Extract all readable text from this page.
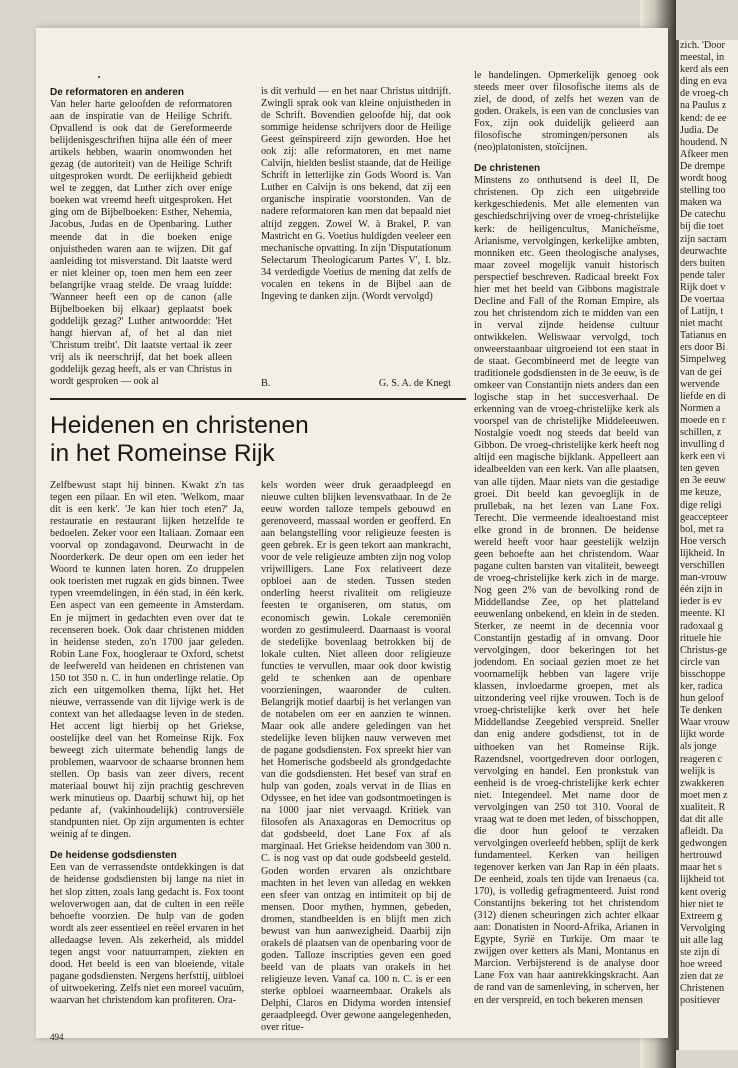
zich. 'Door
meestal, in
kerd als een
ding en eva
de vroeg-ch
na Paulus z
kend: de ee
Judia. De
houdend. N
Afkeer men
De drempe
wordt hoog
stelling too
maken wa
De catechu
bij die toet
zijn sacram
deurwachte
ders buiten
pende taler
Rijk doet v
De voertaa
of Latijn, t
niet macht
Tatianus en
ers door Bi
Simpelweg
van de gei
wervende
liefde en di
Normen a
moede en r
schillen, z
invulling d
kerk een vi
ten geven
en 3e eeuw
me keuze,
dige religi
geaccepteer
bol, met ra
Hoe versch
lijkheid. In
verschillen
man-vrouw
één zijn in
ieder is ev
meente. Kl
radoxaal g
rituele hie
Christus-ge
circle van
bisschoppe
ker, radica
hun geloof
Te denken
Waar vrouw
lijkt worde
als jonge
reageren c
welijk is
zwakkeren
moet men z
xualiteit. R
dat dit alle
afleidt. Da
gedwongen
hertrouwd
maar het s
lijkheid tot
kent overig
hier niet te
Extreem g
Vervolging
uit alle lag
ste zijn di
hoe wreed
zien dat ze
Christenen
positiever

De reformatoren en anderen

Van heler harte geloofden de reformatoren aan de inspiratie van de Heilige Schrift. Opvallend is ook dat de Gereformeerde belijdenisgeschriften hijna alle één of meer artikels hebben, waarin onomwonden het gezag (de autoriteit) van de Heilige Schrift uitgesproken wordt. De eerlijkheid gebiedt wel te zeggen, dat Luther zich over enige boeken wat vreemd heeft uitgesproken. Het ging om de Bijbelboeken: Esther, Nehemia, Jacobus, Judas en de Openbaring. Luther meende dat in die boeken enige onjuistheden waren aan te wijzen. Dit gaf aanleiding tot misverstand. Dit laatste werd er niet kleiner op, toen men hem een zeer belangrijke vraag stelde. De vraag luidde: 'Wanneer heeft een op de canon (alle Bijbelboeken bij elkaar) geplaatst boek goddelijk gezag?' Luther antwoordde: 'Het hangt hiervan af, of het al dan niet 'Christum treibt'. Dit laatste vertaal ik zeer vrij als ik neerschrijf, dat het boek alleen goddelijk gezag heeft, als er van Christus in wordt gesproken — ook al

is dit verhuld — en het naar Christus uitdrijft. Zwingli sprak ook van kleine onjuistheden in de Schrift. Bovendien geloofde hij, dat ook sommige heidense schrijvers door de Heilige Geest geïnspireerd zijn geworden. Hoe het ook zij: alle reformatoren, en met name Calvijn, hielden beslist staande, dat de Heilige Schrift in letterlijke zin Gods Woord is. Van Luther en Calvijn is ons bekend, dat zij een organische inspiratie voorstonden. Van de nadere reformatoren kan men dat bepaald niet altijd zeggen. Zowel W. à Brakel, P. van Mastricht en G. Voetius huldigden veeleer een mechanische opvatting. In zijn 'Disputationum Selectarum Theologicarum Partes V', I. blz. 34 verdedigde Voetius de mening dat zelfs de vocalen en tekens in de Bijbel aan de Ingeving te danken zijn. (Wordt vervolgd)

B.	G. S. A. de Knegt
Heidenen en christenen
in het Romeinse Rijk

le handelingen. Opmerkelijk genoeg ook steeds meer over filosofische items als de ziel, de dood, of zelfs het wezen van de goden. Orakels, is een van de conclusies van Fox, zijn ook duidelijk gelieerd aan filosofische stromingen/personen als (neo)platonisten, stoïcijnen.

De christenen

Minstens zo onthutsend is deel II, De christenen. Op zich een uitgebreide kerkgeschiedenis. Met alle elementen van geschiedschrijving over de vroeg-christelijke kerk: de heiligencultus, Manicheïsme, Arianisme, vervolgingen, kerkelijke ambten, monniken etc. Geen theologische analyses, maar zoveel mogelijk vanuit historisch perspectief beschreven. Radicaal breekt Fox hier met het beeld van Gibbons magistrale Decline and Fall of the Roman Empire, als zou het christendom zich te midden van een in verval zijnde heidense cultuur ontwikkelen. Weliswaar vervolgd, toch onweerstaanbaar uitgroeiend tot een staat in de staat. Gecombineerd met de leegte van traditionele godsdiensten in de 3e eeuw, is de omkeer van Constantijn niets anders dan een logische stap in het succesverhaal. De erkenning van de vroeg-christelijke kerk als voorspel van de christelijke Middeleeuwen. Nostalgie voedt nog steeds dat beeld van Gibbon. De vroeg-christelijke kerk heeft nog altijd een magische bijklank. Appelleert aan idealbeelden van een kerk. Van alle plaatsen, van alle tijden. Maar niets van die gestadige groei. Dit beeld kan gevoeglijk in de prullebak, na het lezen van Lane Fox. Terecht. Die vermeende idealtoestand mist elke grond in de bronnen. De heidense wereld heeft voor haar geestelijk welzijn geen behoefte aan het christendom. Waar pagane culten barsten van vitaliteit, beweegt de vroeg-christelijke kerk zich in de marge. Nog geen 2% van de bevolking rond de Middellandse Zee, op het platteland eeuwenlang onbekend, en klein in de steden. Sterker, ze neemt in de decennia voor Constantijn gestadig af in omvang. Door vervolgingen, door bekeringen tot het jodendom. En sociaal gezien moet ze het voornamelijk hebben van lagere vrije klassen, invloedarme groepen, met als uitzondering veel rijke vrouwen. Toch is de vroeg-christelijke kerk over het hele Middellandse Zeegebied verspreid. Sneller dan enig andere godsdienst, tot in de uithoeken van het Romeinse Rijk. Razendsnel, voortgedreven door oorlogen, vervolging en handel. Een pronkstuk van eenheid is de vroeg-christelijke kerk echter niet. Integendeel. Met name door de vervolgingen van 250 tot 310. Vooral de vraag wat te doen met leden, of bisschoppen, die door hun geloof te verzaken vervolgingen overleefd hebben, splijt de kerk fundamenteel. Kerken van heiligen tegenover kerken van Jan Rap in één plaats. De eenheid, zoals ten tijde van Irenaeus (ca. 170), is volledig gefragmenteerd. Juist rond Constantijns bekering tot het christendom (312) dienen scheuringen zich achter elkaar aan: Donatisten in Noord-Afrika, Arianen in Egypte, Syrië en Turkije. Om maar te zwijgen over ketters als Mani, Montanus en Marcion. Verbijsterend is de analyse door Lane Fox van haar aantrekkingskracht. Aan de rand van de samenleving, in scherven, her en der verspreid, en toch bekeren mensen

Zelfbewust stapt hij binnen. Kwakt z'n tas tegen een pilaar. En wil eten. 'Welkom, maar dit is een kerk'. 'Je kan hier toch eten?' Ja, restauratie en restaurant lijken hetzelfde te bedoelen. Zeker voor een Italiaan. Zomaar een voorval op zondagavond. Deurwacht in de Noorderkerk. De deur open om een ieder het Woord te kunnen laten horen. Zo druppelen ook toeristen met rugzak en gids binnen. Twee typen vreemdelingen, in één stad, in één kerk. Een aspect van een gemeente in Amsterdam. En je mijmert in gedachten even over dat te recenseren boek. Ook daar christenen midden in heidense steden, zo'n 1700 jaar geleden. Robin Lane Fox, hoogleraar te Oxford, schetst de leefwereld van heidenen en christenen van 150 tot 350 n. C. in hun onderlinge relatie. Op zich een uitgemolken thema, lijkt het. Het nieuwe, verrassende van dit lijvige werk is de context van het alledaagse leven in de steden. Het accent ligt hierbij op het Griekse, oostelijke deel van het Romeinse Rijk. Fox beweegt zich uitermate behendig langs de problemen, waarvoor de schaarse bronnen hem stellen. Op basis van zeer divers, recent materiaal bouwt hij zijn prachtig geschreven werk minutieus op. Daarbij schuwt hij, op het pedante af, (vakinhoudelijk) controversiële standpunten niet. Op zijn argumenten is echter weinig af te dingen.

De heidense godsdiensten

Een van de verrassendste ontdekkingen is dat de heidense godsdiensten bij lange na niet in het slop zitten, zoals lang gedacht is. Fox toont weloverwogen aan, dat de culten in een reële behoefte voorzien. De hulp van de goden wordt als zeer essentieel en reëel ervaren in het alledaagse leven. Als zekerheid, als middel tegen angst voor natuurrampen, ziekten en dood. Het beeld is een van bloeiende, vitale pagane godsdiensten. Nergens herfsttij, uitbloei of uitwoekering. Zelfs niet een moreel vacuüm, waarvan het christendom kan profiteren. Ora-

kels worden weer druk geraadpleegd en nieuwe culten blijken levensvatbaar. In de 2e eeuw worden talloze tempels gebouwd en gerenoveerd, massaal worden er geofferd. En aan belangstelling voor religieuze feesten is geen gebrek. Er is geen tekort aan mankracht, voor de vele religieuze ambten zijn nog volop vrijwilligers. Lane Fox relativeert deze opbloei aan de steden. Tussen steden onderling heerst rivaliteit om religieuze feesten te organiseren, om status, om economisch gewin. Lokale ceremoniën worden zo gestimuleerd. Daarnaast is vooral de stedelijke bovenlaag betrokken bij de lokale culten. Niet alleen door religieuze functies te vervullen, maar ook door kwistig geld te schenken aan de openbare voorzieningen, waaronder de culten. Belangrijk motief daarbij is het verlangen van de notabelen om eer en aanzien te winnen. Maar ook alle andere geledingen van het stedelijke leven blijken nauw verweven met de pagane godsdiensten. Fox spreekt hier van het Homerische godsbeeld als grondgedachte van die godsdiensten. Het besef van straf en hulp van goden, zoals vervat in de Ilias en Odyssee, en het idee van godsontmoetingen is na 1000 jaar niet vervaagd. Kritiek van filosofen als Anaxagoras en Democritus op dat godsbeeld, doet Lane Fox af als marginaal. Het Griekse heidendom van 300 n. C. is nog vast op dat oude godsbeeld gesteld. Goden worden ervaren als onzichtbare machten in het leven van alledag en wekken een sfeer van ontzag en intimiteit op bij de mensen. Door mythen, hymnen, gebeden, dromen, standbeelden is en blijft men zich bewust van hun aanwezigheid. Daarbij zijn orakels dé plaatsen van de openbaring voor de goden. Talloze inscripties geven een goed beeld van de plaats van orakels in het religieuze leven. Vanaf ca. 100 n. C. is er een sterke opbloei waarneembaar. Orakels als Delphi, Claros en Didyma worden intensief geraadpleegd. Over gewone aangelegenheden, over ritue-

494
